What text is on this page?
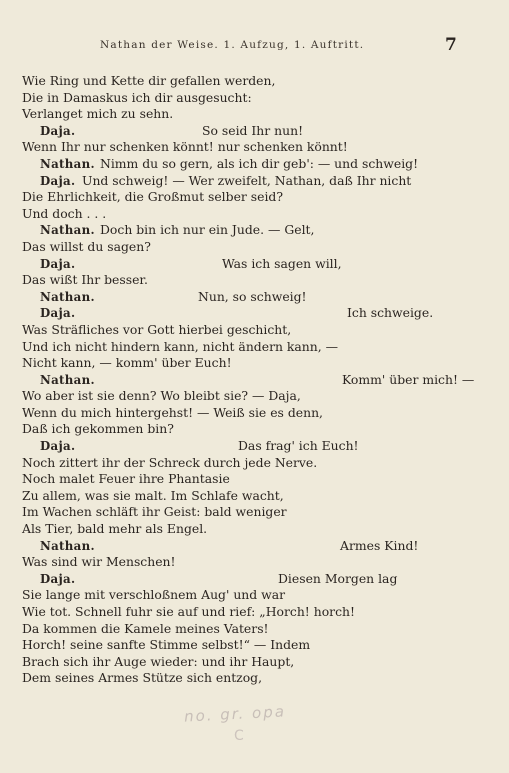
Nathan der Weise. 1. Aufzug, 1. Auftritt.	7
Wie Ring und Kette dir gefallen werden,
Die in Damaskus ich dir ausgesucht:
Verlanget mich zu sehn.
Daja.	So seid Ihr nun!
Wenn Ihr nur schenken könnt! nur schenken könnt!
Nathan. Nimm du so gern, als ich dir geb': — und schweig!
Daja. Und schweig! — Wer zweifelt, Nathan, daß Ihr nicht
Die Ehrlichkeit, die Großmut selber seid?
Und doch . . .
Nathan. Doch bin ich nur ein Jude. — Gelt,
Das willst du sagen?
Daja.	Was ich sagen will,
Das wißt Ihr besser.
Nathan.	Nun, so schweig!
Daja.	Ich schweige.
Was Sträfliches vor Gott hierbei geschicht,
Und ich nicht hindern kann, nicht ändern kann, —
Nicht kann, — komm' über Euch!
Nathan.	Komm' über mich! —
Wo aber ist sie denn? Wo bleibt sie? — Daja,
Wenn du mich hintergehst! — Weiß sie es denn,
Daß ich gekommen bin?
Daja.	Das frag' ich Euch!
Noch zittert ihr der Schreck durch jede Nerve.
Noch malet Feuer ihre Phantasie
Zu allem, was sie malt. Im Schlafe wacht,
Im Wachen schläft ihr Geist: bald weniger
Als Tier, bald mehr als Engel.
Nathan.	Armes Kind!
Was sind wir Menschen!
Daja.	Diesen Morgen lag
Sie lange mit verschloßnem Aug' und war
Wie tot. Schnell fuhr sie auf und rief: „Horch! horch!
Da kommen die Kamele meines Vaters!
Horch! seine sanfte Stimme selbst!“ — Indem
Brach sich ihr Auge wieder: und ihr Haupt,
Dem seines Armes Stütze sich entzog,
no. gr. opa
C
